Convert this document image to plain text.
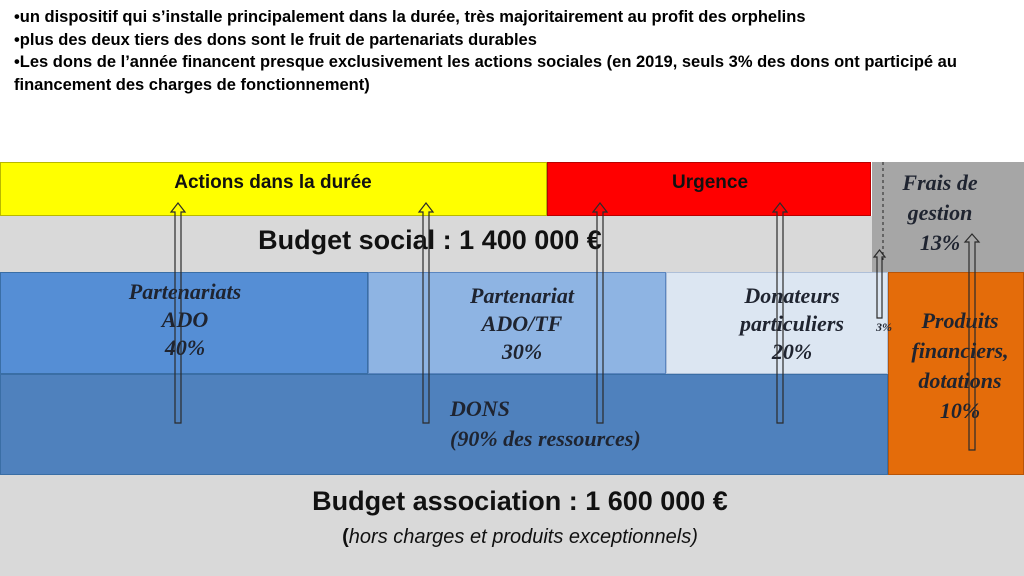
•un dispositif qui s’installe principalement dans la durée, très majoritairement au profit des orphelins

•plus des deux tiers des dons sont le fruit de partenariats durables

•Les dons de l’année financent presque exclusivement les actions sociales (en 2019, seuls 3% des dons ont participé au financement des charges de fonctionnement)

Actions dans la durée	Urgence	Frais de
gestion
13%
Budget social : 1 400 000 €
Partenariats
ADO
40%
Partenariat
ADO/TF
30%
Donateurs
particuliers
20%
3%	Produits
financiers,
dotations
10%
DONS
(90% des ressources)
Budget association : 1 600 000 €
(hors charges et produits exceptionnels)
